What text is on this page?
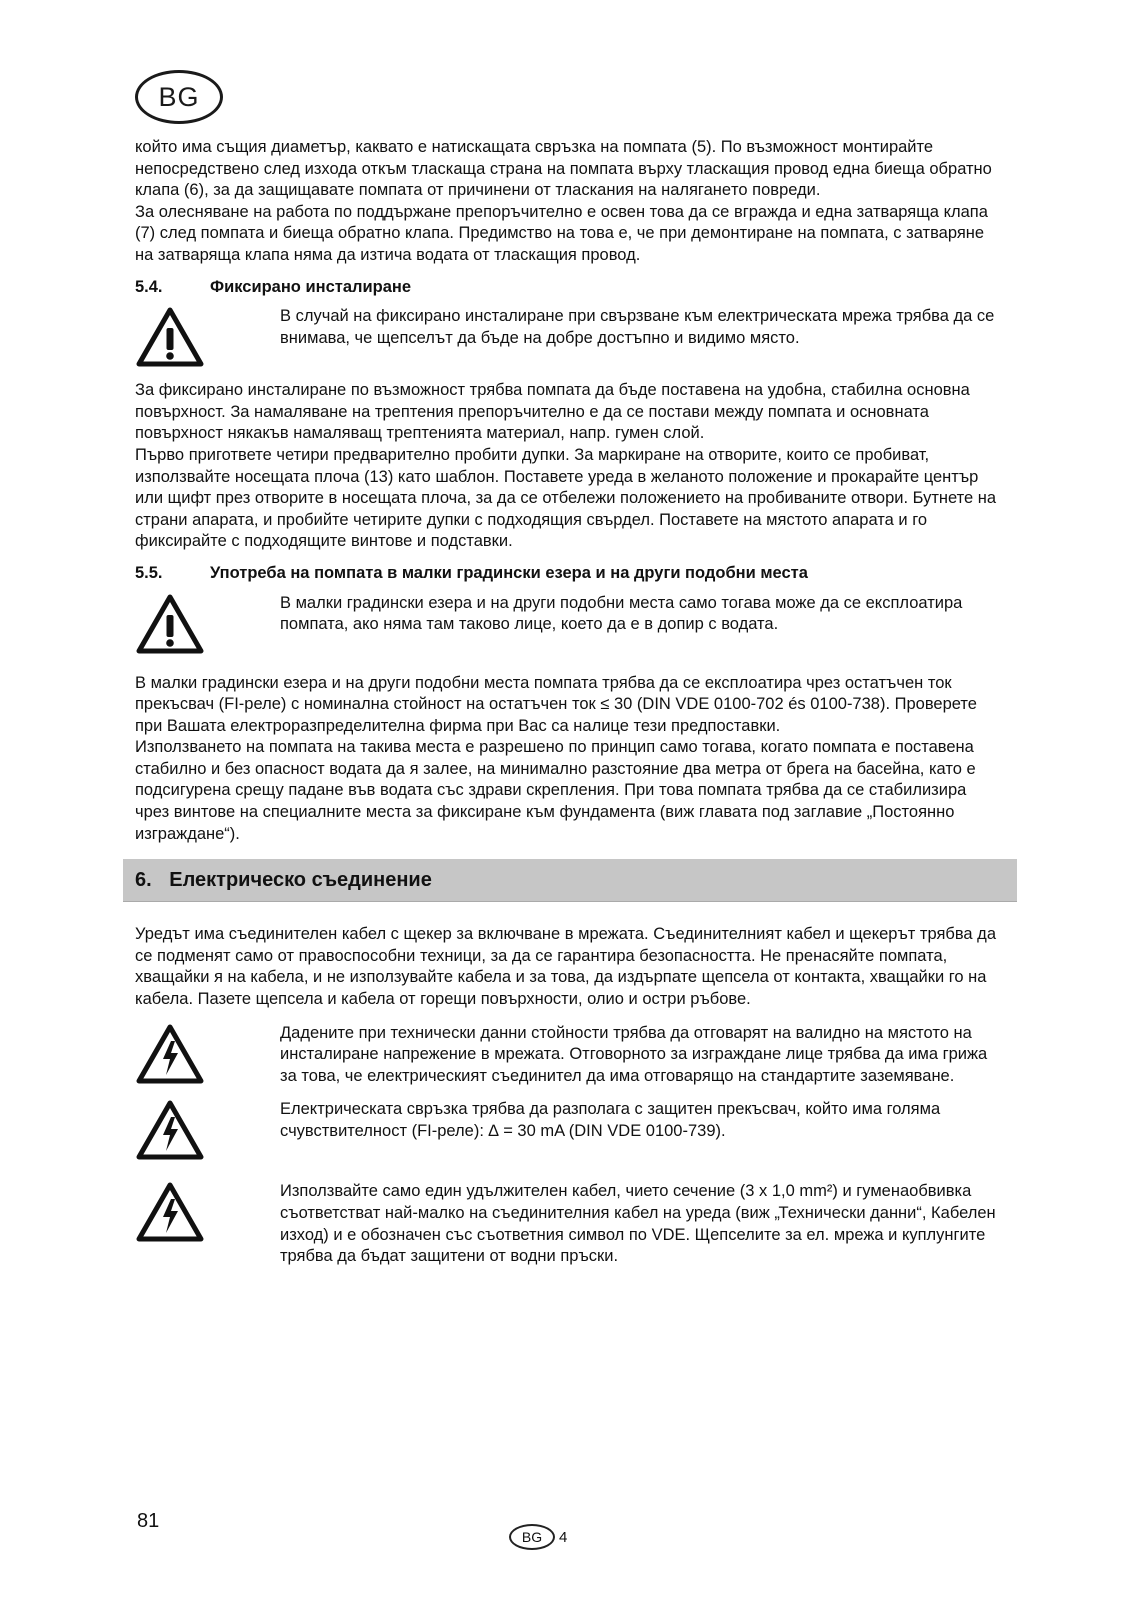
BG

който има същия диаметър, каквато е натискащата свръзка на помпата (5). По възможност монтирайте непосредствено след изхода откъм тласкаща страна на помпата върху тласкащия провод една биеща обратно клапа (6), за да защищавате помпата от причинени от тласкания на наляганeто повреди.

За олесняване на работа по поддържане препоръчително е освен това да се вгражда и една затваряща клапа (7) след помпата и биеща обратно клапа. Предимство на това е, че при демонтиране на помпата, с затваряне на затваряща клапа няма да изтича водата от тласкащия провод.

5.4.	Фиксирано инсталиране

В случай на фиксирано инсталиране при свързване към електрическата мрежа трябва да се внимава, че щепселът да бъде на добре достъпно и видимо място.

За фиксирано инсталиране по възможност трябва помпата да бъде поставена на удобна, стабилна основна повърхност. За намаляване на трептения препоръчително е да се постави между помпата и основната повърхност някакъв намаляващ трептенията материал, напр. гумен слой.

Първо пригответе четири предварително пробити дупки. За маркиране на отворите, които се пробиват, използвайте носещата плоча (13) като шаблон. Поставете уреда в желаното положение и прокарайте център или щифт през отворите в носещата плоча, за да се отбележи положението на пробиваните отвори. Бутнете на страни апарата, и пробийте четирите дупки с подходящия свърдел. Поставете на мястото апарата и го фиксирайте с подходящите винтове и подставки.

5.5.	Употреба на помпата в малки градински езера и на други подобни места

В малки градински езера и на други подобни места само тогава може да се експлоатира помпата, ако няма там таково лице, което да е в допир с водата.

В малки градински езера и на други подобни места помпата трябва да се експлоатира чрез остатъчен ток прекъсвач (FI-реле) с номинална стойност на остатъчен ток ≤ 30 (DIN VDE 0100-702 és 0100-738). Проверете при Вашата електроразпределителна фирма при Вас са налице тези предпоставки.

Използването на помпата на такива места е разрешено по принцип само тогава, когато помпата е поставена стабилно и без опасност водата да я залее, на минимално разстояние два метра от брега на басейна, като е подсигурена срещу падане във водата със здрави скрепления. При това помпата трябва да се стабилизира чрез винтове на специалните места за фиксиране към фундамента (виж главата под заглавие „Постоянно изграждане“).

6. Електрическо съединение

Уредът има съединителен кабел с щекер за включване в мрежата. Съединителният кабел и щекерът трябва да се подменят само от правоспособни техници, за да се гарантира безопасността. Не пренасяйте помпата, хващайки я на кабела, и не използувайте кабела и за това, да издърпате щепсела от контакта, хващайки го на кабела. Пазете щепсела и кабела от горещи повърхности, олио и остри ръбове.

Дадените при технически данни стойности трябва да отговарят на валидно на мястото на инсталиране напрежение в мрежата. Отговорното за изграждане лице трябва да има грижа за това, че електрическият съединител да има отговарящо на стандартите заземяване.

Електрическата свръзка трябва да разполага с защитен прекъсвач, който има голяма счувствителност (FI-реле): ∆ = 30 mA (DIN VDE 0100-739).

Използвайте само един удължителен кабел, чието сечение (3 x 1,0 mm²) и гуменаобвивка съответстват най-малко на съединителния кабел на уреда (виж „Технически данни“, Кабелен изход) и е обозначен със съответния символ по VDE. Щепселите за ел. мрежа и куплунгите трябва да бъдат защитени от водни пръски.

81
BG	4
